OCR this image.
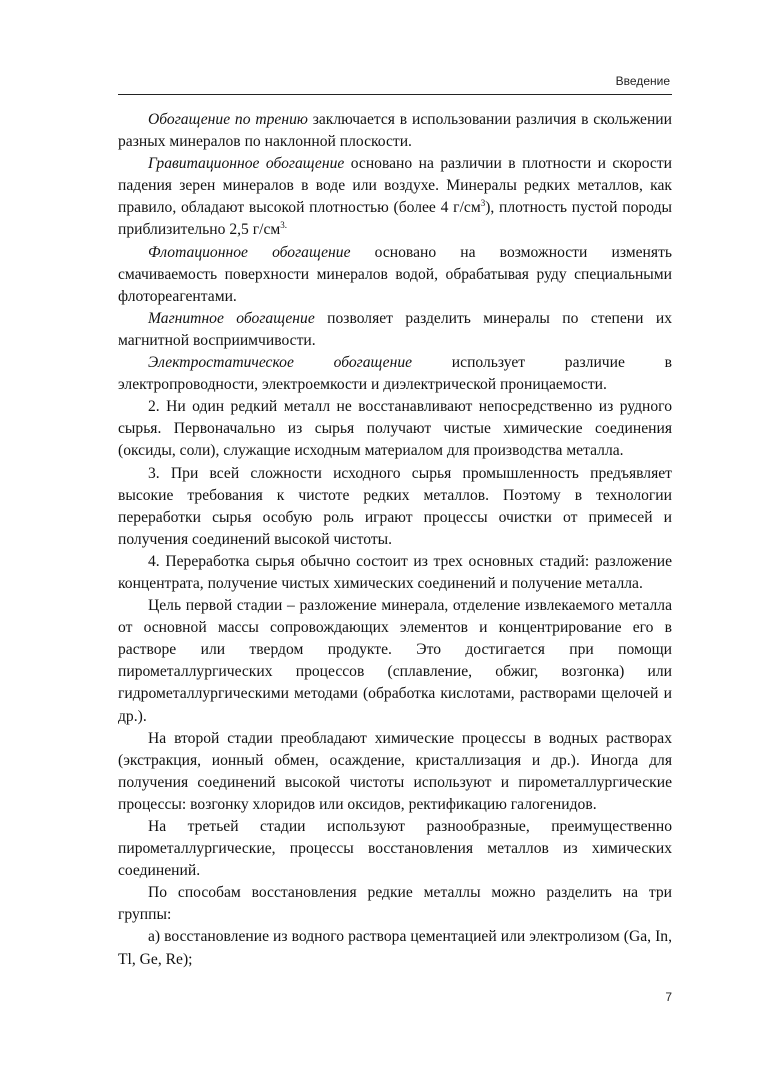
Введение

Обогащение по трению заключается в использовании различия в скольжении разных минералов по наклонной плоскости.

Гравитационное обогащение основано на различии в плотности и скорости падения зерен минералов в воде или воздухе. Минералы редких металлов, как правило, обладают высокой плотностью (более 4 $г/см^3$), плотность пустой породы приблизительно 2,5 $г/см^{3.}$

Флотационное обогащение основано на возможности изменять смачиваемость поверхности минералов водой, обрабатывая руду специальными флотореагентами.

Магнитное обогащение позволяет разделить минералы по степени их магнитной восприимчивости.

Электростатическое обогащение использует различие в электропроводности, электроемкости и диэлектрической проницаемости.

2. Ни один редкий металл не восстанавливают непосредственно из рудного сырья. Первоначально из сырья получают чистые химические соединения (оксиды, соли), служащие исходным материалом для производства металла.

3. При всей сложности исходного сырья промышленность предъявляет высокие требования к чистоте редких металлов. Поэтому в технологии переработки сырья особую роль играют процессы очистки от примесей и получения соединений высокой чистоты.

4. Переработка сырья обычно состоит из трех основных стадий: разложение концентрата, получение чистых химических соединений и получение металла.

Цель первой стадии – разложение минерала, отделение извлекаемого металла от основной массы сопровождающих элементов и концентрирование его в растворе или твердом продукте. Это достигается при помощи пирометаллургических процессов (сплавление, обжиг, возгонка) или гидрометаллургическими методами (обработка кислотами, растворами щелочей и др.).

На второй стадии преобладают химические процессы в водных растворах (экстракция, ионный обмен, осаждение, кристаллизация и др.). Иногда для получения соединений высокой чистоты используют и пирометаллургические процессы: возгонку хлоридов или оксидов, ректификацию галогенидов.

На третьей стадии используют разнообразные, преимущественно пирометаллургические, процессы восстановления металлов из химических соединений.

По способам восстановления редкие металлы можно разделить на три группы:

а) восстановление из водного раствора цементацией или электролизом (Ga, In, Tl, Ge, Re);

7
